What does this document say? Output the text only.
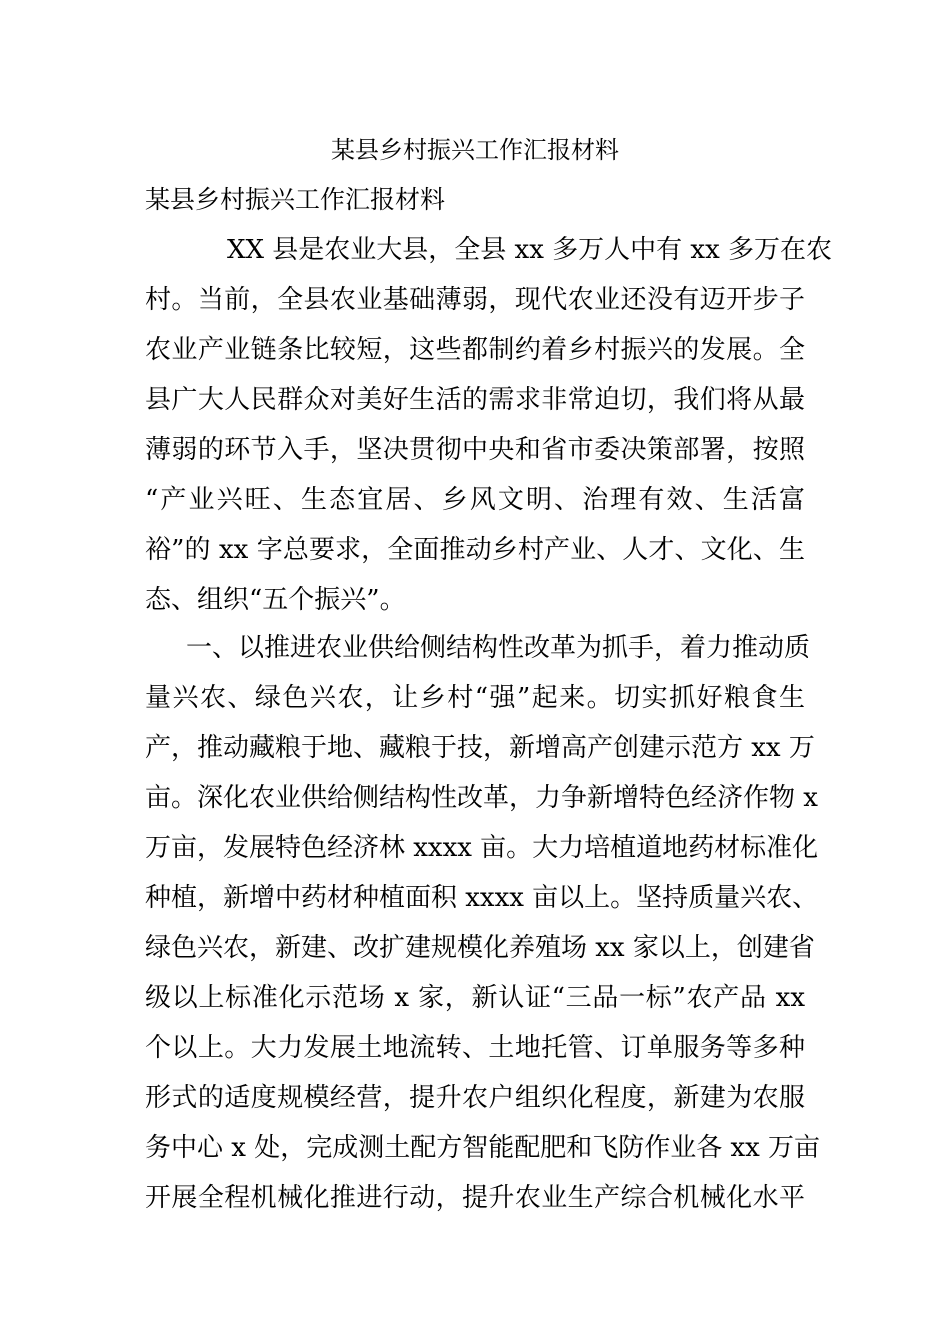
某县乡村振兴工作汇报材料
某县乡村振兴工作汇报材料
XX 县是农业大县，全县 xx 多万人中有 xx 多万在农
村。当前，全县农业基础薄弱，现代农业还没有迈开步子
农业产业链条比较短，这些都制约着乡村振兴的发展。全
县广大人民群众对美好生活的需求非常迫切，我们将从最
薄弱的环节入手，坚决贯彻中央和省市委决策部署，按照
“产业兴旺、生态宜居、乡风文明、治理有效、生活富
裕”的 xx 字总要求，全面推动乡村产业、人才、文化、生
态、组织“五个振兴”。
一、以推进农业供给侧结构性改革为抓手，着力推动质
量兴农、绿色兴农，让乡村“强”起来。切实抓好粮食生
产，推动藏粮于地、藏粮于技，新增高产创建示范方 xx 万
亩。深化农业供给侧结构性改革，力争新增特色经济作物 x
万亩，发展特色经济林 xxxx 亩。大力培植道地药材标准化
种植，新增中药材种植面积 xxxx 亩以上。坚持质量兴农、
绿色兴农，新建、改扩建规模化养殖场 xx 家以上，创建省
级以上标准化示范场 x 家，新认证“三品一标”农产品 xx
个以上。大力发展土地流转、土地托管、订单服务等多种
形式的适度规模经营，提升农户组织化程度，新建为农服
务中心 x 处，完成测土配方智能配肥和飞防作业各 xx 万亩
开展全程机械化推进行动，提升农业生产综合机械化水平
